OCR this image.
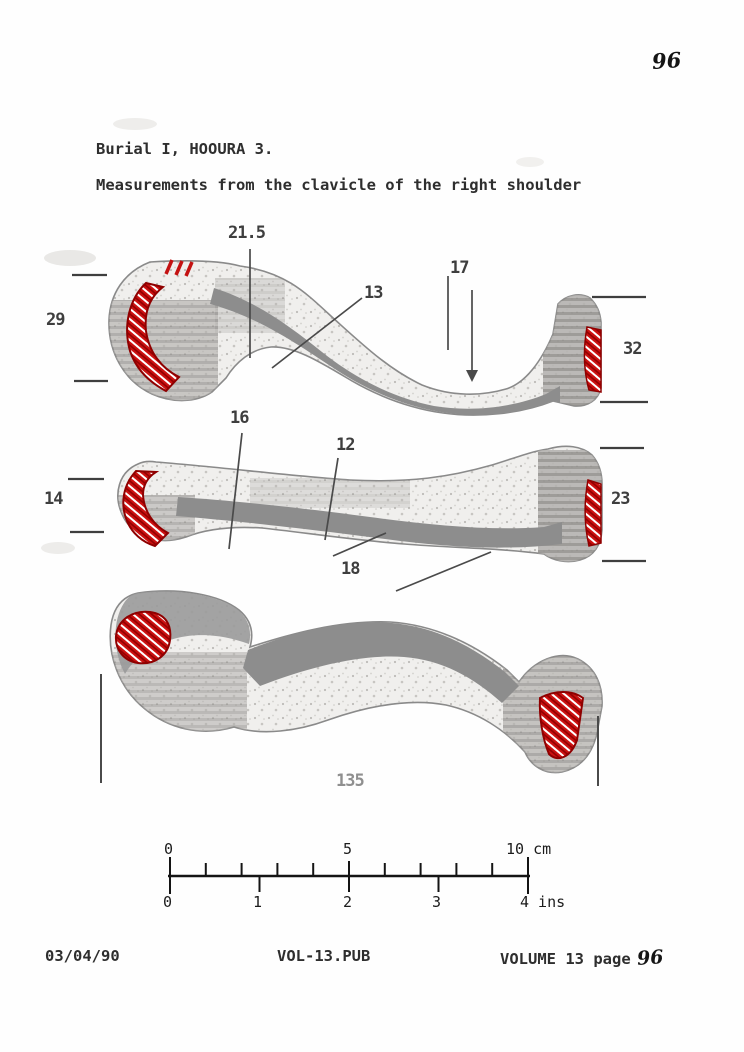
96
Burial I, HOOURA 3.
Measurements from the clavicle of the right shoulder
21.5
13
17
29
32
16
12
14	23
18
135
0	5	10 cm
0	1	2	3	4 ins
03/04/90	VOL-13.PUB	VOLUME 13 page 96
